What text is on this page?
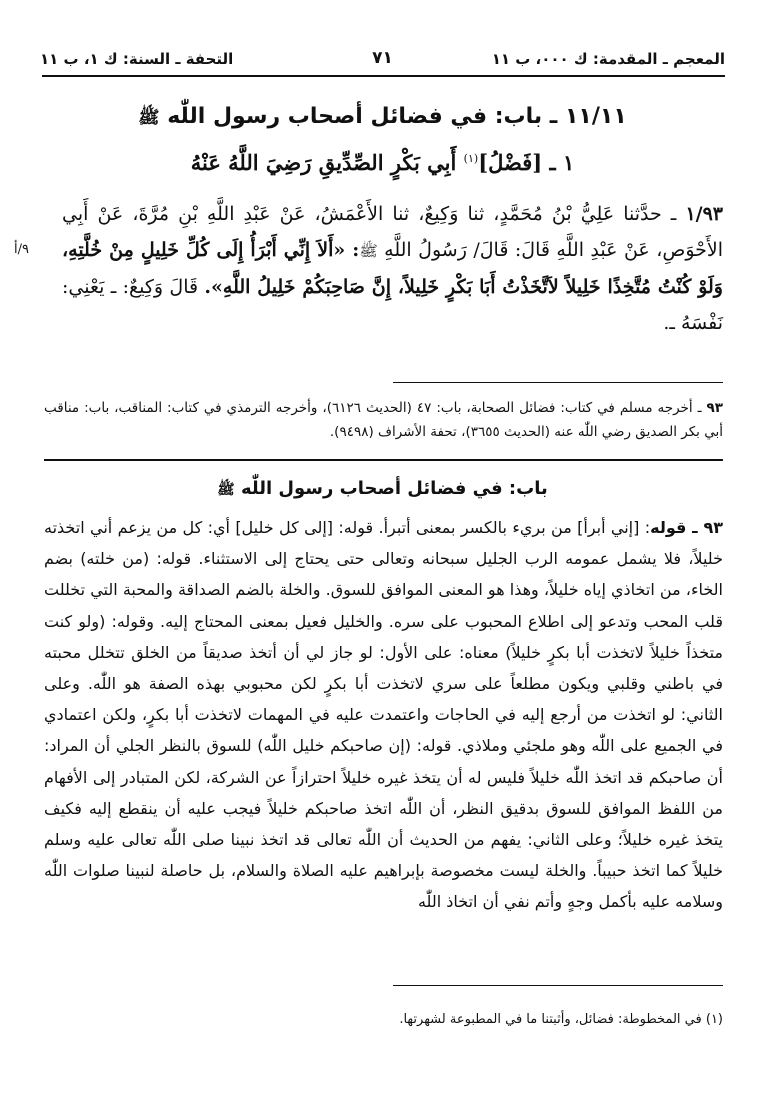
المعجم ـ المقدمة: ك ٠٠٠، ب ١١
٧١
التحفة ـ السنة: ك ١، ب ١١
١١/١١ ـ باب: في فضائل أصحاب رسول اللّٰه ﷺ
١ ـ [فَضْلُ]$^{(١)}$ أَبِي بَكْرٍ الصِّدِّيقِ رَضِيَ اللَّهُ عَنْهُ
١/٩٣ ـ حدَّثنا عَلِيُّ بْنُ مُحَمَّدٍ، ثنا وَكِيعٌ، ثنا الأَعْمَشُ، عَنْ عَبْدِ اللَّهِ بْنِ مُرَّةَ، عَنْ أَبِي الأَحْوَصِ، عَنْ عَبْدِ اللَّهِ قَالَ: قَالَ/ رَسُولُ اللَّهِ ﷺ: «أَلاَ إِنِّي أَبْرَأُ إِلَى كُلِّ خَلِيلٍ مِنْ خُلَّتِهِ، وَلَوْ كُنْتُ مُتَّخِذًا خَلِيلاً لاَتَّخَذْتُ أَبَا بَكْرٍ خَلِيلاً، إِنَّ صَاحِبَكُمْ خَلِيلُ اللَّهِ». قَالَ وَكِيعٌ: ـ يَعْنِي: نَفْسَهُ ـ.
٩/أ
٩٣ ـ أخرجه مسلم في كتاب: فضائل الصحابة، باب: ٤٧ (الحديث ٦١٢٦)، وأخرجه الترمذي في كتاب: المناقب، باب: مناقب أبي بكر الصديق رضي اللّٰه عنه (الحديث ٣٦٥٥)، تحفة الأشراف (٩٤٩٨).
باب: في فضائل أصحاب رسول اللّٰه ﷺ
٩٣ ـ قوله: [إني أبرأ] من بريء بالكسر بمعنى أتبرأ. قوله: [إلى كل خليل] أي: كل من يزعم أني اتخذته خليلاً، فلا يشمل عمومه الرب الجليل سبحانه وتعالى حتى يحتاج إلى الاستثناء. قوله: (من خلته) بضم الخاء، من اتخاذي إياه خليلاً، وهذا هو المعنى الموافق للسوق. والخلة بالضم الصداقة والمحبة التي تخللت قلب المحب وتدعو إلى اطلاع المحبوب على سره. والخليل فعيل بمعنى المحتاج إليه. وقوله: (ولو كنت متخذاً خليلاً لاتخذت أبا بكرٍ خليلاً) معناه: على الأول: لو جاز لي أن أتخذ صديقاً من الخلق تتخلل محبته في باطني وقلبي ويكون مطلعاً على سري لاتخذت أبا بكرٍ لكن محبوبي بهذه الصفة هو اللّٰه. وعلى الثاني: لو اتخذت من أرجع إليه في الحاجات واعتمدت عليه في المهمات لاتخذت أبا بكرٍ، ولكن اعتمادي في الجميع على اللّٰه وهو ملجئي وملاذي. قوله: (إن صاحبكم خليل اللّٰه) للسوق بالنظر الجلي أن المراد: أن صاحبكم قد اتخذ اللّٰه خليلاً فليس له أن يتخذ غيره خليلاً احترازاً عن الشركة، لكن المتبادر إلى الأفهام من اللفظ الموافق للسوق بدقيق النظر، أن اللّٰه اتخذ صاحبكم خليلاً فيجب عليه أن ينقطع إليه فكيف يتخذ غيره خليلاً؛ وعلى الثاني: يفهم من الحديث أن اللّٰه تعالى قد اتخذ نبينا صلى اللّٰه تعالى عليه وسلم خليلاً كما اتخذ حبيباً. والخلة ليست مخصوصة بإبراهيم عليه الصلاة والسلام، بل حاصلة لنبينا صلوات اللّٰه وسلامه عليه بأكمل وجهٍ وأتم نفي أن اتخاذ اللّٰه
(١) في المخطوطة: فضائل، وأثبتنا ما في المطبوعة لشهرتها.
